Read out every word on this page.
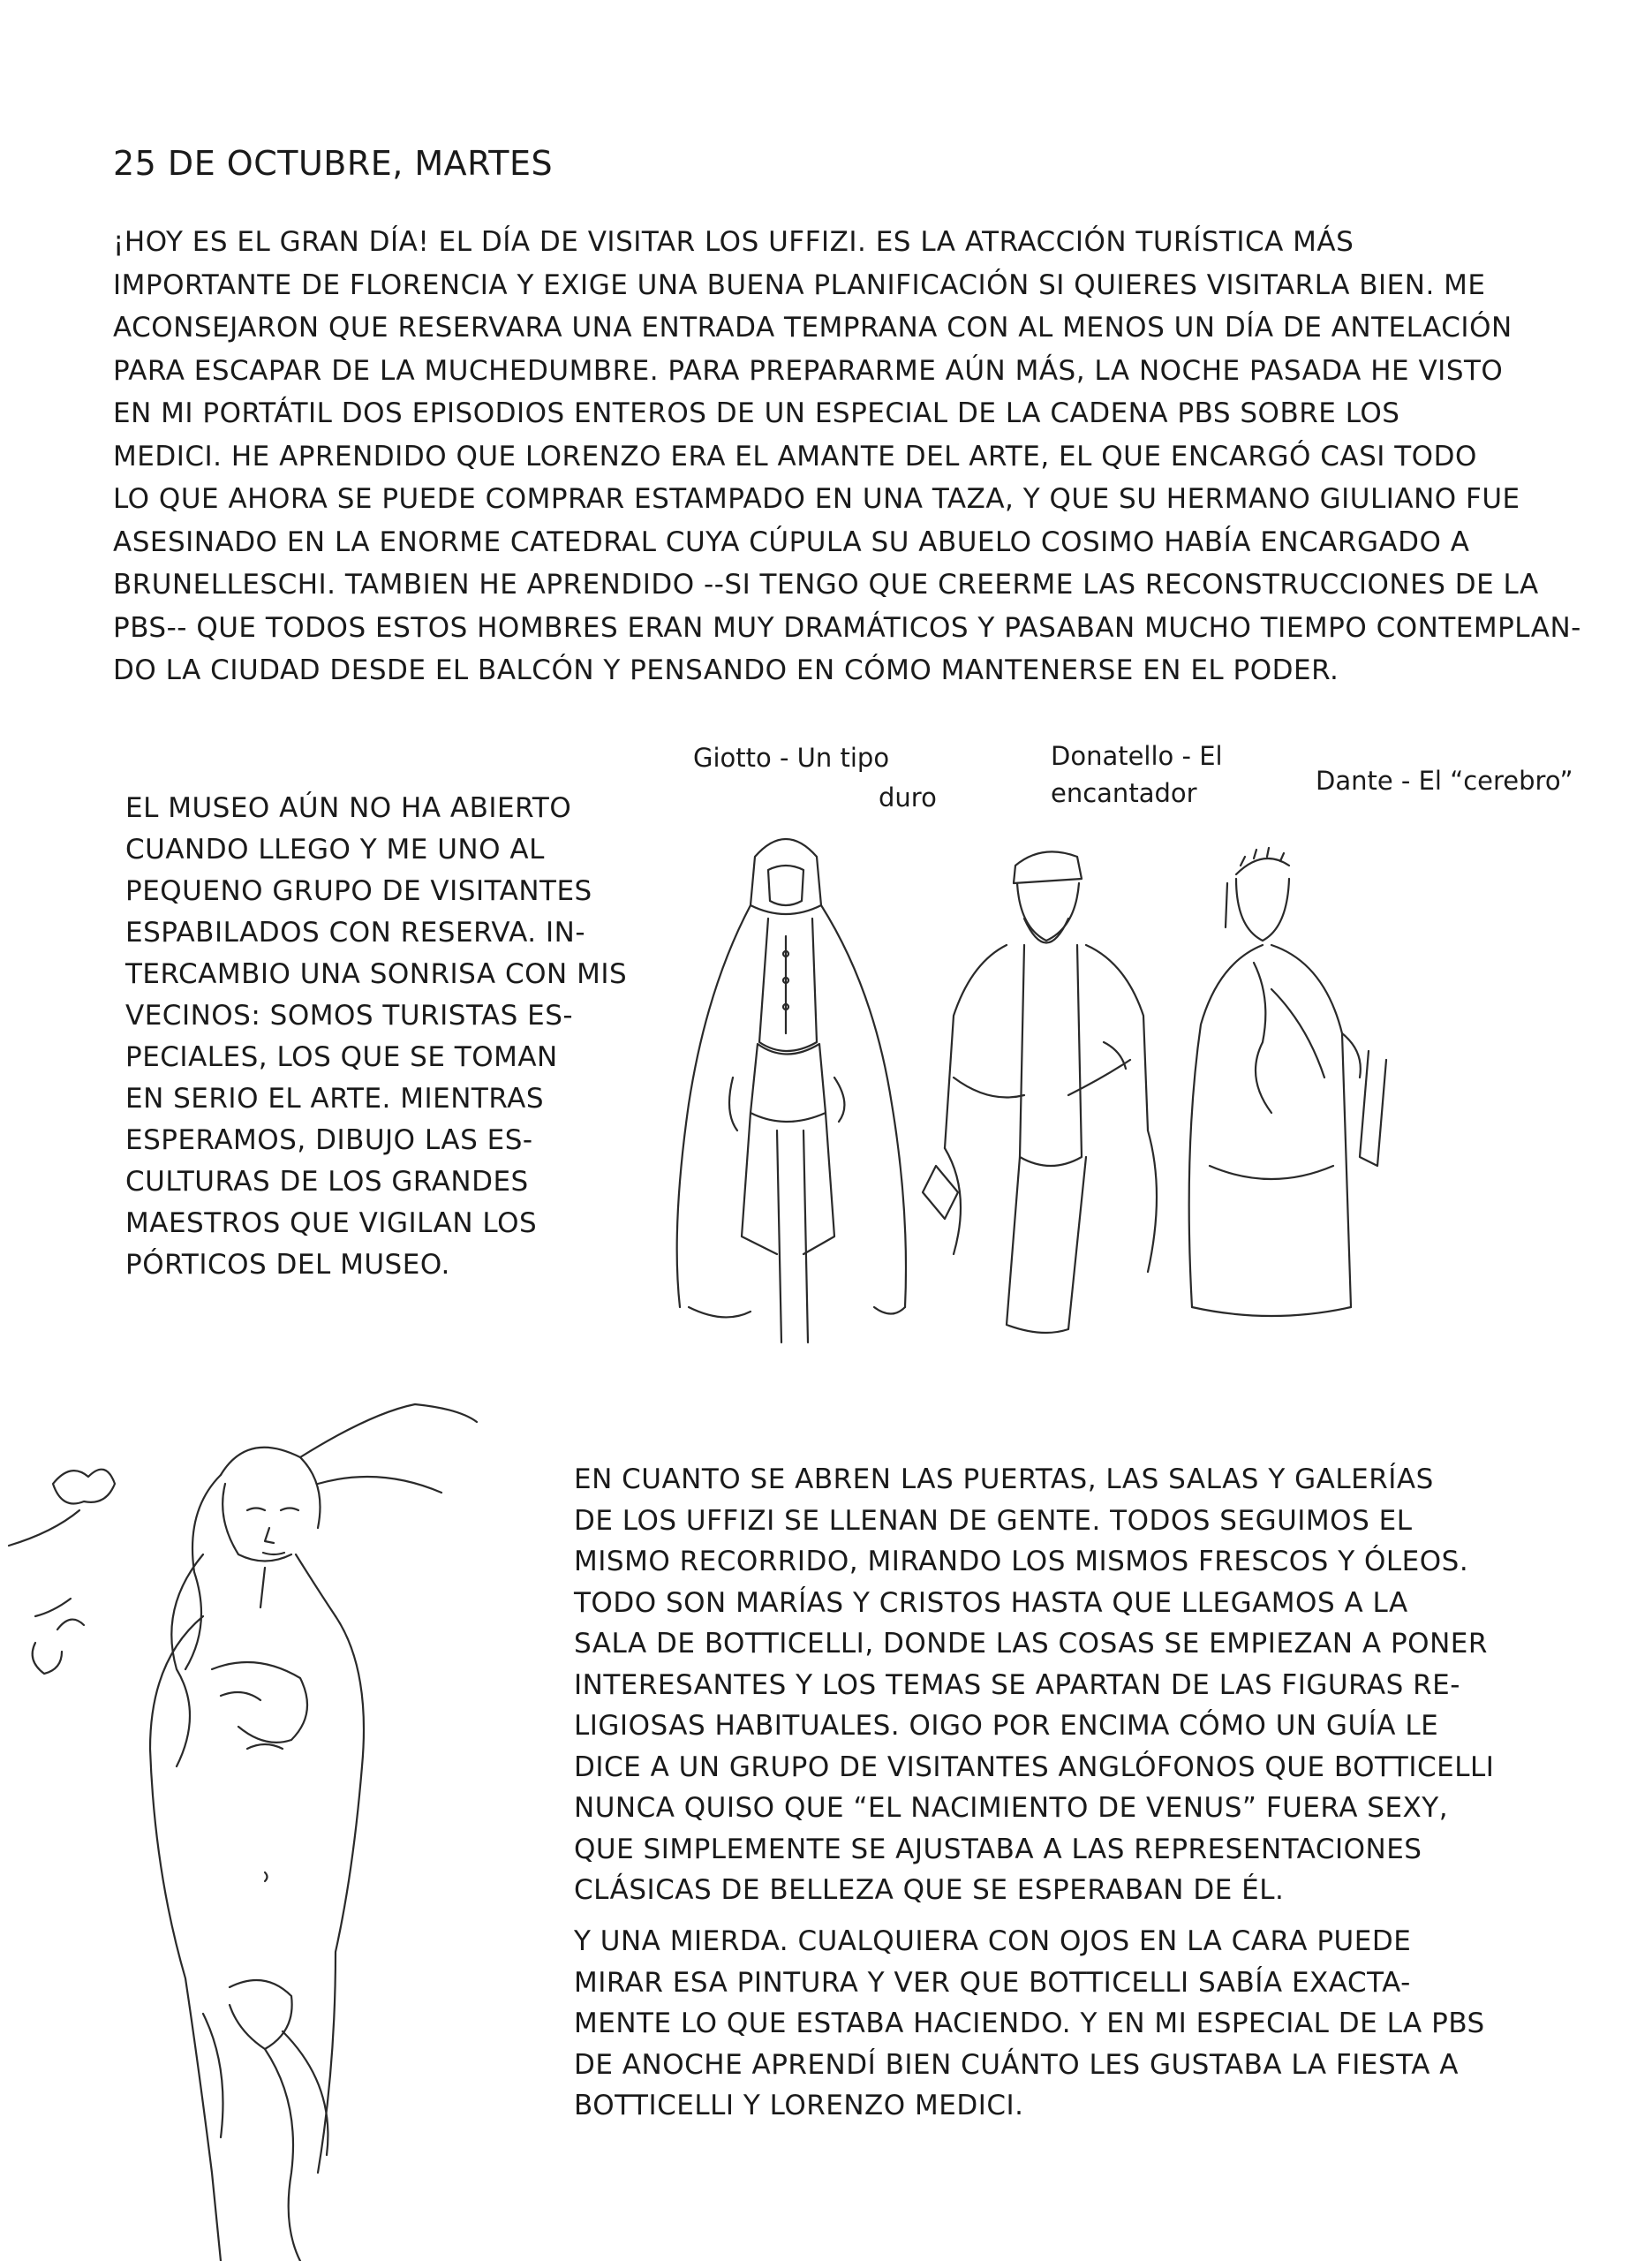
25 DE OCTUBRE, MARTES
¡HOY ES EL GRAN DÍA! EL DÍA DE VISITAR LOS UFFIZI. ES LA ATRACCIÓN TURÍSTICA MÁS
IMPORTANTE DE FLORENCIA Y EXIGE UNA BUENA PLANIFICACIÓN SI QUIERES VISITARLA BIEN. ME
ACONSEJARON QUE RESERVARA UNA ENTRADA TEMPRANA CON AL MENOS UN DÍA DE ANTELACIÓN
PARA ESCAPAR DE LA MUCHEDUMBRE. PARA PREPARARME AÚN MÁS, LA NOCHE PASADA HE VISTO
EN MI PORTÁTIL DOS EPISODIOS ENTEROS DE UN ESPECIAL DE LA CADENA PBS SOBRE LOS
MEDICI. HE APRENDIDO QUE LORENZO ERA EL AMANTE DEL ARTE, EL QUE ENCARGÓ CASI TODO
LO QUE AHORA SE PUEDE COMPRAR ESTAMPADO EN UNA TAZA, Y QUE SU HERMANO GIULIANO FUE
ASESINADO EN LA ENORME CATEDRAL CUYA CÚPULA SU ABUELO COSIMO HABÍA ENCARGADO A
BRUNELLESCHI. TAMBIEN HE APRENDIDO --SI TENGO QUE CREERME LAS RECONSTRUCCIONES DE LA
PBS-- QUE TODOS ESTOS HOMBRES ERAN MUY DRAMÁTICOS Y PASABAN MUCHO TIEMPO CONTEMPLAN-
DO LA CIUDAD DESDE EL BALCÓN Y PENSANDO EN CÓMO MANTENERSE EN EL PODER.
EL MUSEO AÚN NO HA ABIERTO
CUANDO LLEGO Y ME UNO AL
PEQUENO GRUPO DE VISITANTES
ESPABILADOS CON RESERVA. IN-
TERCAMBIO UNA SONRISA CON MIS
VECINOS: SOMOS TURISTAS ES-
PECIALES, LOS QUE SE TOMAN
EN SERIO EL ARTE. MIENTRAS
ESPERAMOS, DIBUJO LAS ES-
CULTURAS DE LOS GRANDES
MAESTROS QUE VIGILAN LOS
PÓRTICOS DEL MUSEO.
Giotto - Un tipo
duro
Donatello - El
encantador	Dante - El “cerebro”
EN CUANTO SE ABREN LAS PUERTAS, LAS SALAS Y GALERÍAS
DE LOS UFFIZI SE LLENAN DE GENTE. TODOS SEGUIMOS EL
MISMO RECORRIDO, MIRANDO LOS MISMOS FRESCOS Y ÓLEOS.
TODO SON MARÍAS Y CRISTOS HASTA QUE LLEGAMOS A LA
SALA DE BOTTICELLI, DONDE LAS COSAS SE EMPIEZAN A PONER
INTERESANTES Y LOS TEMAS SE APARTAN DE LAS FIGURAS RE-
LIGIOSAS HABITUALES. OIGO POR ENCIMA CÓMO UN GUÍA LE
DICE A UN GRUPO DE VISITANTES ANGLÓFONOS QUE BOTTICELLI
NUNCA QUISO QUE “EL NACIMIENTO DE VENUS” FUERA SEXY,
QUE SIMPLEMENTE SE AJUSTABA A LAS REPRESENTACIONES
CLÁSICAS DE BELLEZA QUE SE ESPERABAN DE ÉL.
Y UNA MIERDA. CUALQUIERA CON OJOS EN LA CARA PUEDE
MIRAR ESA PINTURA Y VER QUE BOTTICELLI SABÍA EXACTA-
MENTE LO QUE ESTABA HACIENDO. Y EN MI ESPECIAL DE LA PBS
DE ANOCHE APRENDÍ BIEN CUÁNTO LES GUSTABA LA FIESTA A
BOTTICELLI Y LORENZO MEDICI.
